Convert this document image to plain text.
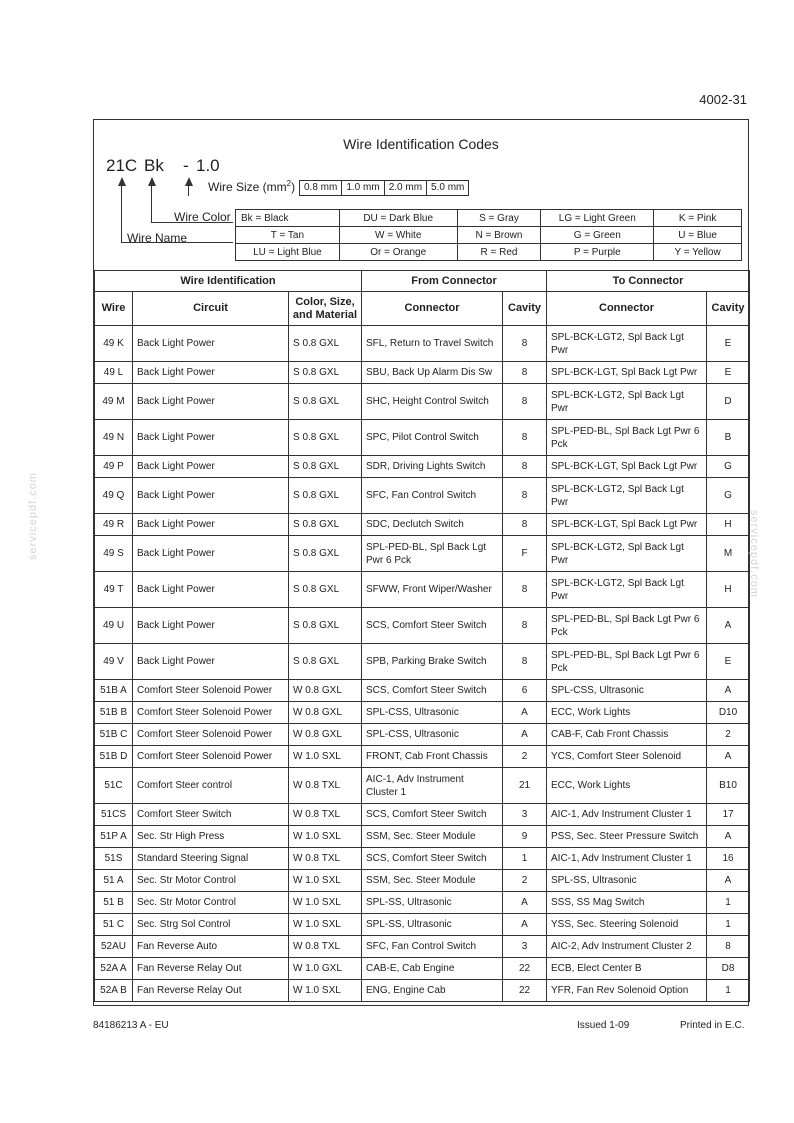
4002-31
Wire Identification Codes
21C Bk - 1.0
Wire Name
Wire Color
Wire Size $(mm^2)$ 0.8 mm 1.0 mm 2.0 mm 5.0 mm
Bk = Black	DU = Dark Blue	S = Gray	LG = Light Green	K = Pink
T = Tan	W = White	N = Brown	G = Green	U = Blue
LU = Light Blue	Or = Orange	R = Red	P = Purple	Y = Yellow
Wire Identification			From Connector		To Connector	
Wire	Circuit	Color, Size,
and Material	Connector	Cavity	Connector	Cavity
49 K	Back Light Power	S 0.8 GXL	SFL, Return to Travel Switch	8	SPL-BCK-LGT2, Spl Back Lgt Pwr	E
49 L	Back Light Power	S 0.8 GXL	SBU, Back Up Alarm Dis Sw	8	SPL-BCK-LGT, Spl Back Lgt Pwr	E
49 M	Back Light Power	S 0.8 GXL	SHC, Height Control Switch	8	SPL-BCK-LGT2, Spl Back Lgt Pwr	D
49 N	Back Light Power	S 0.8 GXL	SPC, Pilot Control Switch	8	SPL-PED-BL, Spl Back Lgt Pwr 6 Pck	B
49 P	Back Light Power	S 0.8 GXL	SDR, Driving Lights Switch	8	SPL-BCK-LGT, Spl Back Lgt Pwr	G
49 Q	Back Light Power	S 0.8 GXL	SFC, Fan Control Switch	8	SPL-BCK-LGT2, Spl Back Lgt Pwr	G
49 R	Back Light Power	S 0.8 GXL	SDC, Declutch Switch	8	SPL-BCK-LGT, Spl Back Lgt Pwr	H
49 S	Back Light Power	S 0.8 GXL	SPL-PED-BL, Spl Back Lgt Pwr 6 Pck	F	SPL-BCK-LGT2, Spl Back Lgt Pwr	M
49 T	Back Light Power	S 0.8 GXL	SFWW, Front Wiper/Washer	8	SPL-BCK-LGT2, Spl Back Lgt Pwr	H
49 U	Back Light Power	S 0.8 GXL	SCS, Comfort Steer Switch	8	SPL-PED-BL, Spl Back Lgt Pwr 6 Pck	A
49 V	Back Light Power	S 0.8 GXL	SPB, Parking Brake Switch	8	SPL-PED-BL, Spl Back Lgt Pwr 6 Pck	E
51B A	Comfort Steer Solenoid Power	W 0.8 GXL	SCS, Comfort Steer Switch	6	SPL-CSS, Ultrasonic	A
51B B	Comfort Steer Solenoid Power	W 0.8 GXL	SPL-CSS, Ultrasonic	A	ECC, Work Lights	D10
51B C	Comfort Steer Solenoid Power	W 0.8 GXL	SPL-CSS, Ultrasonic	A	CAB-F, Cab Front Chassis	2
51B D	Comfort Steer Solenoid Power	W 1.0 SXL	FRONT, Cab Front Chassis	2	YCS, Comfort Steer Solenoid	A
51C	Comfort Steer control	W 0.8 TXL	AIC-1, Adv Instrument Cluster 1	21	ECC, Work Lights	B10
51CS	Comfort Steer Switch	W 0.8 TXL	SCS, Comfort Steer Switch	3	AIC-1, Adv Instrument Cluster 1	17
51P A	Sec. Str High Press	W 1.0 SXL	SSM, Sec. Steer Module	9	PSS, Sec. Steer Pressure Switch	A
51S	Standard Steering Signal	W 0.8 TXL	SCS, Comfort Steer Switch	1	AIC-1, Adv Instrument Cluster 1	16
51 A	Sec. Str Motor Control	W 1.0 SXL	SSM, Sec. Steer Module	2	SPL-SS, Ultrasonic	A
51 B	Sec. Str Motor Control	W 1.0 SXL	SPL-SS, Ultrasonic	A	SSS, SS Mag Switch	1
51 C	Sec. Strg Sol Control	W 1.0 SXL	SPL-SS, Ultrasonic	A	YSS, Sec. Steering Solenoid	1
52AU	Fan Reverse Auto	W 0.8 TXL	SFC, Fan Control Switch	3	AIC-2, Adv Instrument Cluster 2	8
52A A	Fan Reverse Relay Out	W 1.0 GXL	CAB-E, Cab Engine	22	ECB, Elect Center B	D8
52A B	Fan Reverse Relay Out	W 1.0 SXL	ENG, Engine Cab	22	YFR, Fan Rev Solenoid Option	1
84186213 A - EU	Issued 1-09	Printed in E.C.
servicepdf.com	servicepdf.com
